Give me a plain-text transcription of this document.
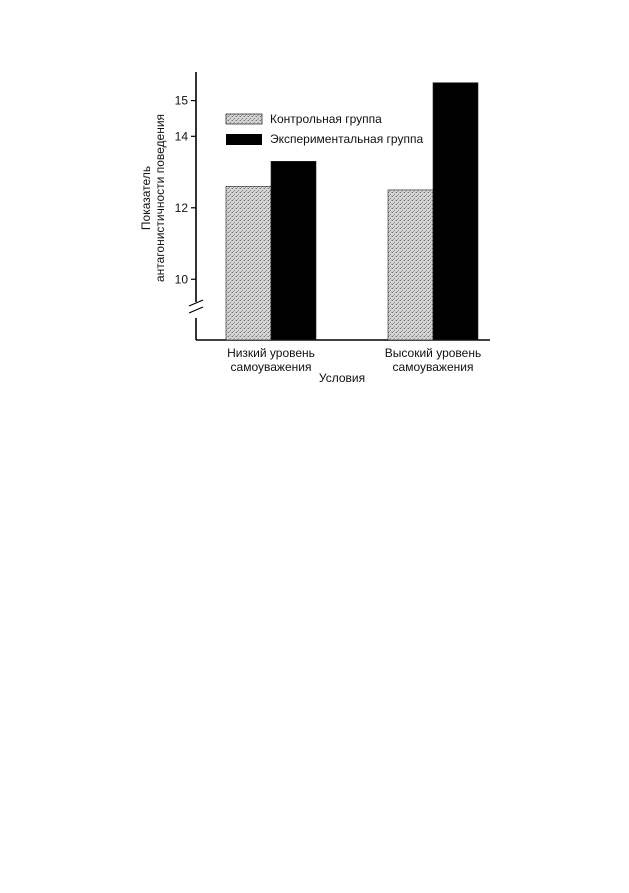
10
12
14
15
Низкий уровень
самоуважения
Высокий уровень
самоуважения
Контрольная группа
Экспериментальная группа
Показатель антагонистичности поведения
Условия
